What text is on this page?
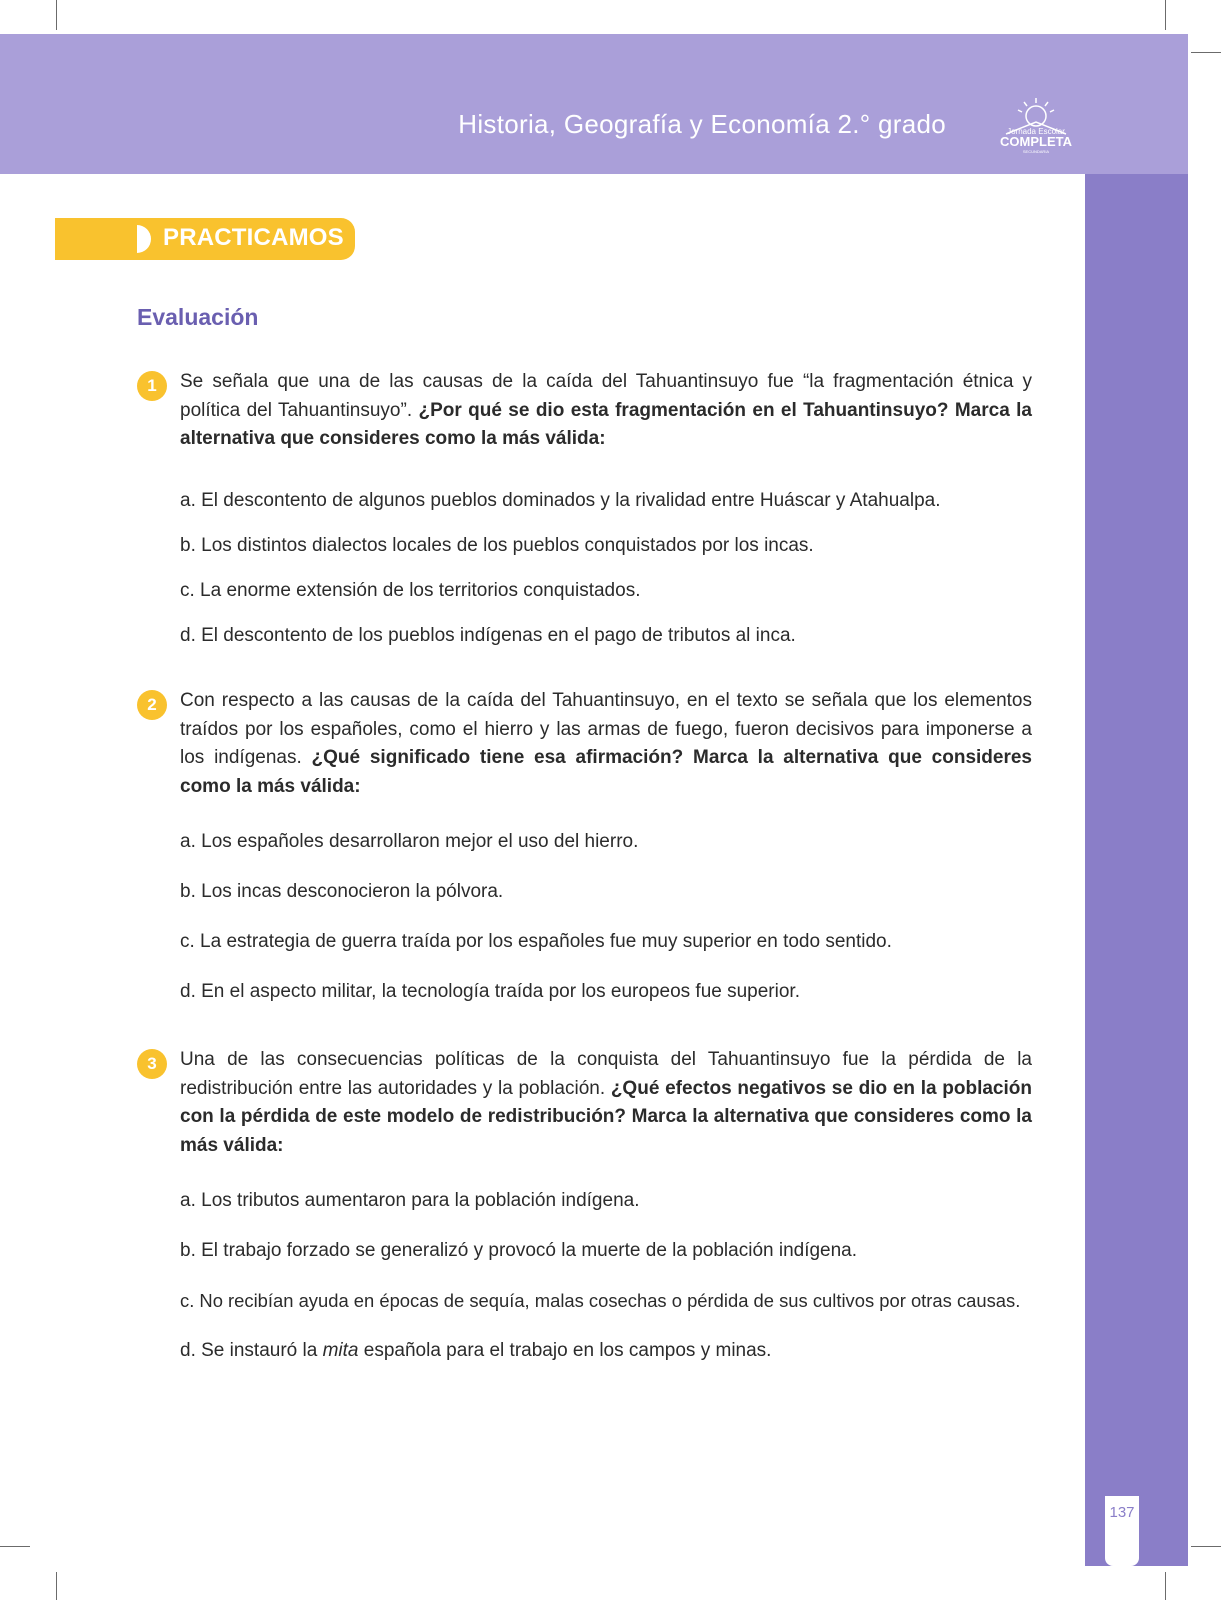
Historia, Geografía y Economía 2.° grado	Jornada Escolar
COMPLETA
SECUNDARIA
137
PRACTICAMOS
Evaluación
1	Se señala que una de las causas de la caída del Tahuantinsuyo fue “la fragmentación étnica y política del Tahuantinsuyo”. ¿Por qué se dio esta fragmentación en el Tahuantinsuyo? Marca la alternativa que consideres como la más válida:
a. El descontento de algunos pueblos dominados y la rivalidad entre Huáscar y Atahualpa.
b. Los distintos dialectos locales de los pueblos conquistados por los incas.
c. La enorme extensión de los territorios conquistados.
d. El descontento de los pueblos indígenas en el pago de tributos al inca.
2	Con respecto a las causas de la caída del Tahuantinsuyo, en el texto se señala que los elementos traídos por los españoles, como el hierro y las armas de fuego, fueron decisivos para imponerse a los indígenas. ¿Qué significado tiene esa afirmación? Marca la alternativa que consideres como la más válida:
a. Los españoles desarrollaron mejor el uso del hierro.
b. Los incas desconocieron la pólvora.
c. La estrategia de guerra traída por los españoles fue muy superior en todo sentido.
d. En el aspecto militar, la tecnología traída por los europeos fue superior.
3	Una de las consecuencias políticas de la conquista del Tahuantinsuyo fue la pérdida de la redistribución entre las autoridades y la población. ¿Qué efectos negativos se dio en la población con la pérdida de este modelo de redistribución? Marca la alternativa que consideres como la más válida:
a. Los tributos aumentaron para la población indígena.
b. El trabajo forzado se generalizó y provocó la muerte de la población indígena.
c. No recibían ayuda en épocas de sequía, malas cosechas o pérdida de sus cultivos por otras causas.
d. Se instauró la mita española para el trabajo en los campos y minas.
